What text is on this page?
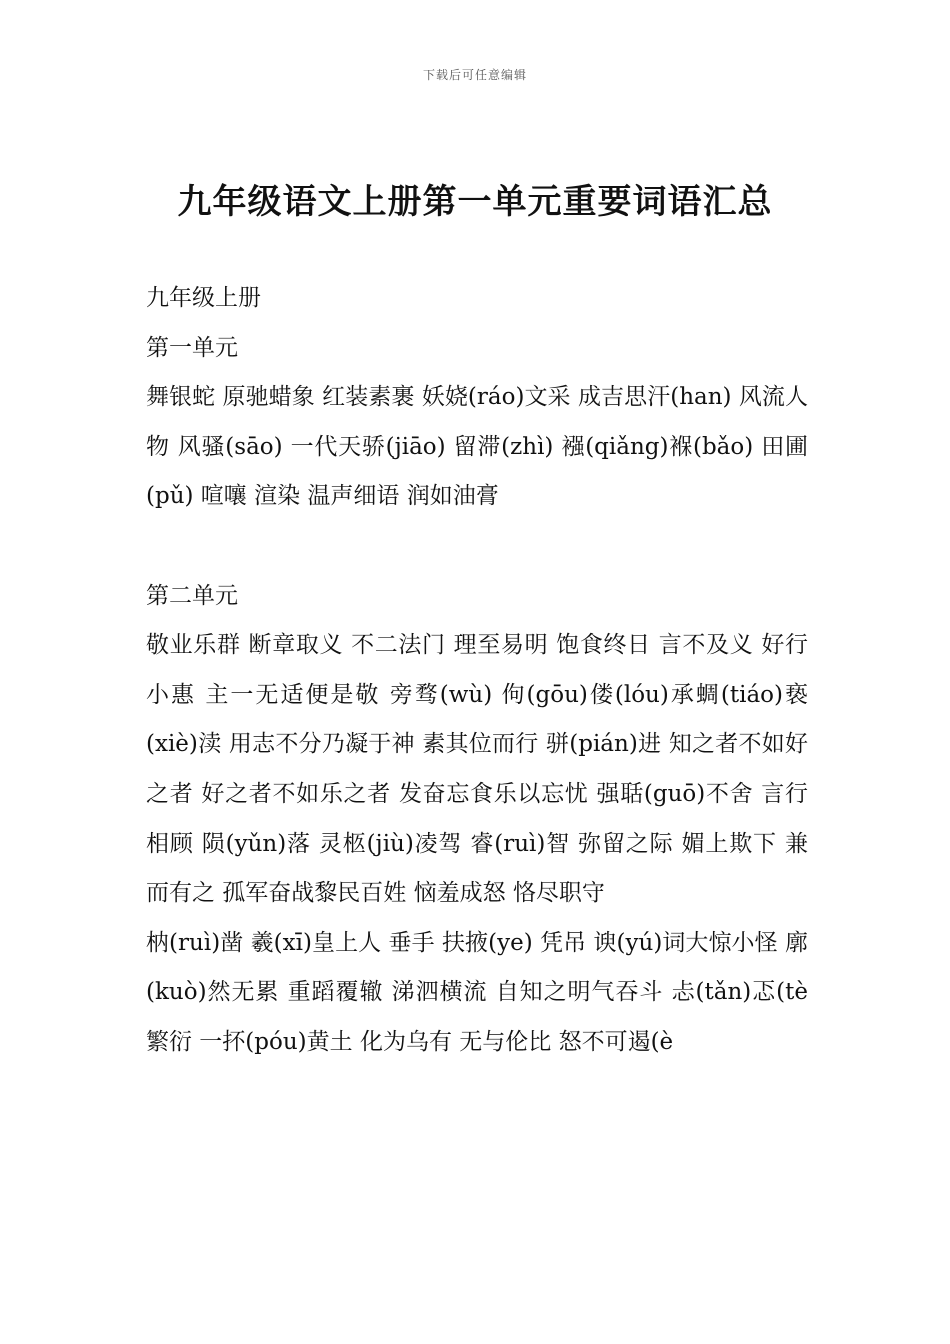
下载后可任意编辑
九年级语文上册第一单元重要词语汇总

九年级上册

第一单元

舞银蛇 原驰蜡象 红装素裹 妖娆(ráo)文采 成吉思汗(han) 风流人物 风骚(sāo) 一代天骄(jiāo) 留滞(zhì) 襁(qiǎng)褓(bǎo) 田圃(pǔ) 喧嚷 渲染 温声细语 润如油膏

第二单元

敬业乐群 断章取义 不二法门 理至易明 饱食终日 言不及义 好行小惠 主一无适便是敬 旁骛(wù) 佝(gōu)偻(lóu)承蜩(tiáo)亵(xiè)渎 用志不分乃凝于神 素其位而行 骈(pián)进 知之者不如好之者 好之者不如乐之者 发奋忘食乐以忘忧 强聒(guō)不舍 言行相顾 陨(yǔn)落 灵柩(jiù)凌驾 睿(ruì)智 弥留之际 媚上欺下 兼而有之 孤军奋战黎民百姓 恼羞成怒 恪尽职守

枘(ruì)凿 羲(xī)皇上人 垂手 扶掖(ye) 凭吊 谀(yú)词大惊小怪 廓(kuò)然无累 重蹈覆辙 涕泗横流 自知之明气吞斗 忐(tǎn)忑(tè 繁衍 一抔(póu)黄土 化为乌有 无与伦比 怒不可遏(è
